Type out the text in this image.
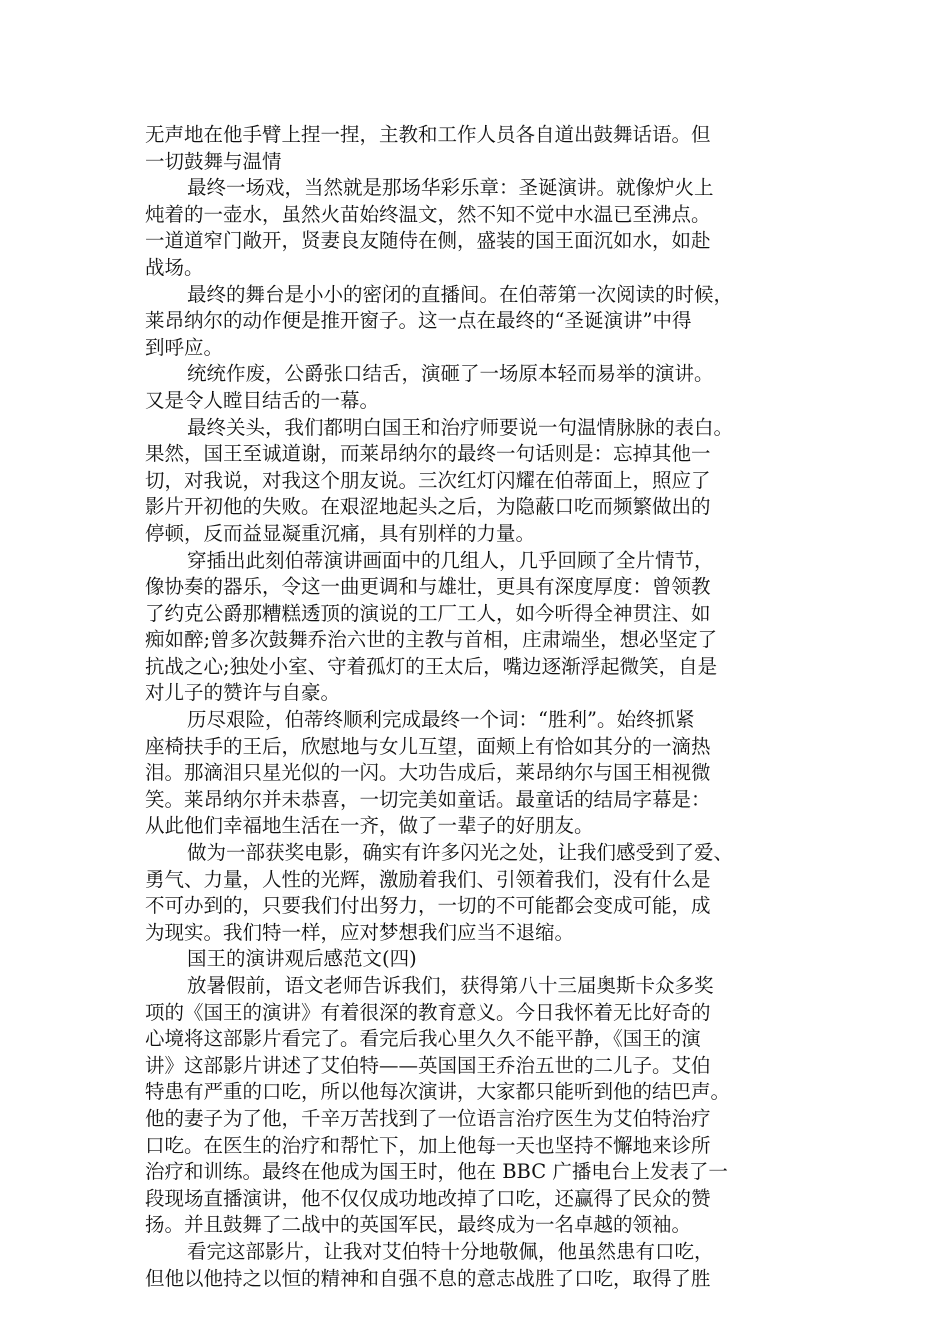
无声地在他手臂上捏一捏，主教和工作人员各自道出鼓舞话语。但
一切鼓舞与温情
最终一场戏，当然就是那场华彩乐章：圣诞演讲。就像炉火上
炖着的一壶水，虽然火苗始终温文，然不知不觉中水温已至沸点。
一道道窄门敞开，贤妻良友随侍在侧，盛装的国王面沉如水，如赴
战场。
最终的舞台是小小的密闭的直播间。在伯蒂第一次阅读的时候，
莱昂纳尔的动作便是推开窗子。这一点在最终的“圣诞演讲”中得
到呼应。
统统作废，公爵张口结舌，演砸了一场原本轻而易举的演讲。
又是令人瞠目结舌的一幕。
最终关头，我们都明白国王和治疗师要说一句温情脉脉的表白。
果然，国王至诚道谢，而莱昂纳尔的最终一句话则是：忘掉其他一
切，对我说，对我这个朋友说。三次红灯闪耀在伯蒂面上，照应了
影片开初他的失败。在艰涩地起头之后，为隐蔽口吃而频繁做出的
停顿，反而益显凝重沉痛，具有别样的力量。
穿插出此刻伯蒂演讲画面中的几组人，几乎回顾了全片情节，
像协奏的器乐，令这一曲更调和与雄壮，更具有深度厚度：曾领教
了约克公爵那糟糕透顶的演说的工厂工人，如今听得全神贯注、如
痴如醉;曾多次鼓舞乔治六世的主教与首相，庄肃端坐，想必坚定了
抗战之心;独处小室、守着孤灯的王太后，嘴边逐渐浮起微笑，自是
对儿子的赞许与自豪。
历尽艰险，伯蒂终顺利完成最终一个词：“胜利”。始终抓紧
座椅扶手的王后，欣慰地与女儿互望，面颊上有恰如其分的一滴热
泪。那滴泪只星光似的一闪。大功告成后，莱昂纳尔与国王相视微
笑。莱昂纳尔并未恭喜，一切完美如童话。最童话的结局字幕是：
从此他们幸福地生活在一齐，做了一辈子的好朋友。
做为一部获奖电影，确实有许多闪光之处，让我们感受到了爱、
勇气、力量，人性的光辉，激励着我们、引领着我们，没有什么是
不可办到的，只要我们付出努力，一切的不可能都会变成可能，成
为现实。我们特一样，应对梦想我们应当不退缩。
国王的演讲观后感范文(四)
放暑假前，语文老师告诉我们，获得第八十三届奥斯卡众多奖
项的《国王的演讲》有着很深的教育意义。今日我怀着无比好奇的
心境将这部影片看完了。看完后我心里久久不能平静，《国王的演
讲》这部影片讲述了艾伯特——英国国王乔治五世的二儿子。艾伯
特患有严重的口吃，所以他每次演讲，大家都只能听到他的结巴声。
他的妻子为了他，千辛万苦找到了一位语言治疗医生为艾伯特治疗
口吃。在医生的治疗和帮忙下，加上他每一天也坚持不懈地来诊所
治疗和训练。最终在他成为国王时，他在 BBC 广播电台上发表了一
段现场直播演讲，他不仅仅成功地改掉了口吃，还赢得了民众的赞
扬。并且鼓舞了二战中的英国军民，最终成为一名卓越的领袖。
看完这部影片，让我对艾伯特十分地敬佩，他虽然患有口吃，
但他以他持之以恒的精神和自强不息的意志战胜了口吃，取得了胜
